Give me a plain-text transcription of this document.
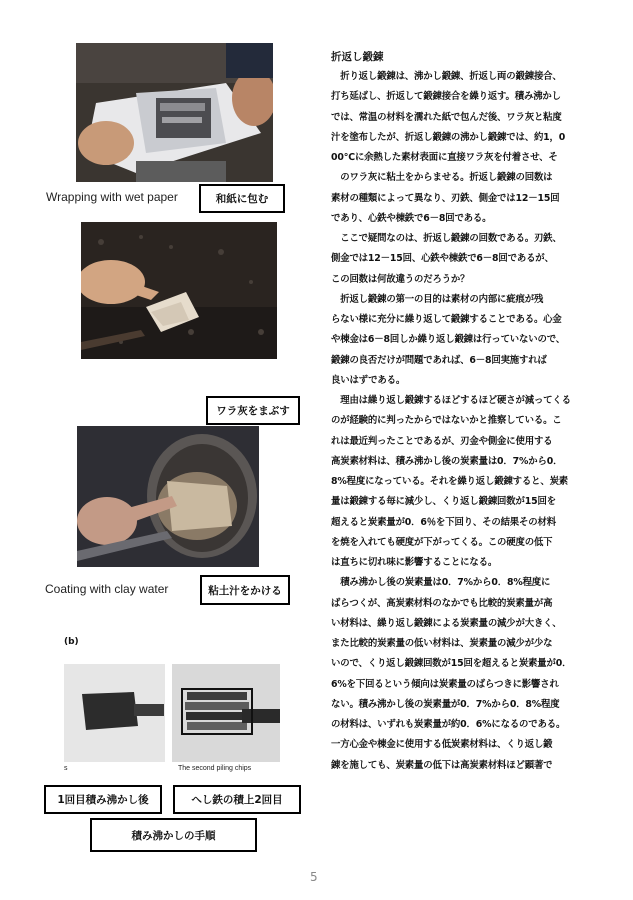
Wrapping with wet paper	和紙に包む
ワラ灰をまぶす
Coating with clay water	粘土汁をかける
(b)
s	The second piling chips
1回目積み沸かし後	へし鉄の積上2回目
積み沸かしの手順
折返し鍛錬
　折り返し鍛錬は、沸かし鍛錬、折返し両の鍛錬接合、
打ち延ばし、折返して鍛錬接合を繰り返す。積み沸かし
では、常温の材料を濡れた紙で包んだ後、ワラ灰と粘度
汁を塗布したが、折返し鍛錬の沸かし鍛錬では、約1，0
00℃に余熱した素材表面に直接ワラ灰を付着させ、そ
　のワラ灰に粘土をからませる。折返し鍛錬の回数は
素材の種類によって異なり、刃鉄、側金では12－15回
であり、心鉄や棟鉄で6－8回である。
　ここで疑問なのは、折返し鍛錬の回数である。刃鉄、
側金では12－15回、心鉄や棟鉄で6－8回であるが、
この回数は何故違うのだろうか？
　折返し鍛錬の第一の目的は素材の内部に疵痕が残
らない様に充分に繰り返して鍛錬することである。心金
や棟金は6－8回しか繰り返し鍛錬は行っていないので、
鍛錬の良否だけが問題であれば、6－8回実施すれば
良いはずである。
　理由は繰り返し鍛錬するほどするほど硬さが減ってくる
のが経験的に判ったからではないかと推察している。こ
れは最近判ったことであるが、刃金や側金に使用する
高炭素材料は、積み沸かし後の炭素量は0．7%から0．
8%程度になっている。それを繰り返し鍛錬すると、炭素
量は鍛錬する毎に減少し、くり返し鍛錬回数が15回を
超えると炭素量が0．6％を下回り、その結果その材料
を焼を入れても硬度が下がってくる。この硬度の低下
は直ちに切れ味に影響することになる。
　積み沸かし後の炭素量は0．7%から0．8%程度に
ばらつくが、高炭素材料のなかでも比較的炭素量が高
い材料は、繰り返し鍛錬による炭素量の減少が大きく、
また比較的炭素量の低い材料は、炭素量の減少が少な
いので、くり返し鍛錬回数が15回を超えると炭素量が0．
6%を下回るという傾向は炭素量のばらつきに影響され
ない。積み沸かし後の炭素量が0．7%から0．8%程度
の材料は、いずれも炭素量が約0．6%になるのである。
一方心金や棟金に使用する低炭素材料は、くり返し鍛
錬を施しても、炭素量の低下は高炭素材料ほど顕著で
5
